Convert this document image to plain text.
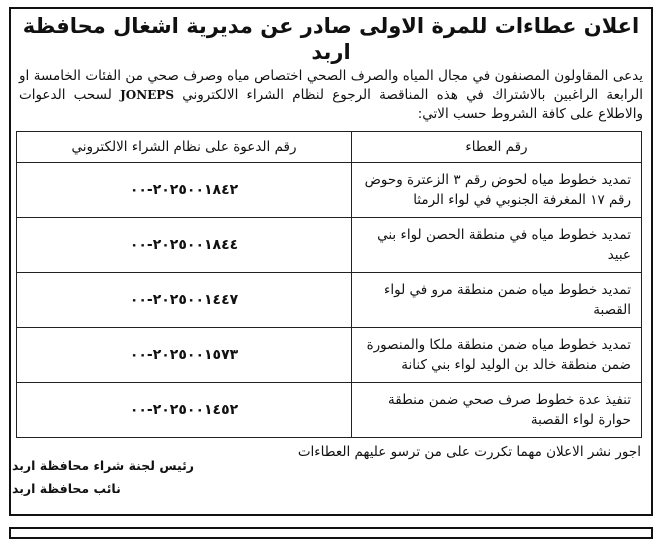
اعلان عطاءات للمرة الاولى صادر عن مديرية اشغال محافظة اربد

يدعى المقاولون المصنفون في مجال المياه والصرف الصحي اختصاص مياه وصرف صحي من الفئات الخامسة او الرابعة الراغبين بالاشتراك في هذه المناقصة الرجوع لنظام الشراء الالكتروني JONEPS لسحب الدعوات والاطلاع على كافة الشروط حسب الاتي:

رقم العطاء	رقم الدعوة على نظام الشراء الالكتروني
تمديد خطوط مياه لحوض رقم ٣ الزعترة وحوض رقم ١٧ المغرفة الجنوبي في لواء الرمثا	٢٠٢٥٠٠١٨٤٢-٠٠
تمديد خطوط مياه في منطقة الحصن لواء بني عبيد	٢٠٢٥٠٠١٨٤٤-٠٠
تمديد خطوط مياه ضمن منطقة مرو في لواء القصبة	٢٠٢٥٠٠١٤٤٧-٠٠
تمديد خطوط مياه ضمن منطقة ملكا والمنصورة ضمن منطقة خالد بن الوليد لواء بني كنانة	٢٠٢٥٠٠١٥٧٣-٠٠
تنفيذ عدة خطوط صرف صحي ضمن منطقة حوارة لواء القصبة	٢٠٢٥٠٠١٤٥٢-٠٠
اجور نشر الاعلان مهما تكررت على من ترسو عليهم العطاءات
رئيس لجنة شراء محافظة اربد
نائب محافظة اربد
